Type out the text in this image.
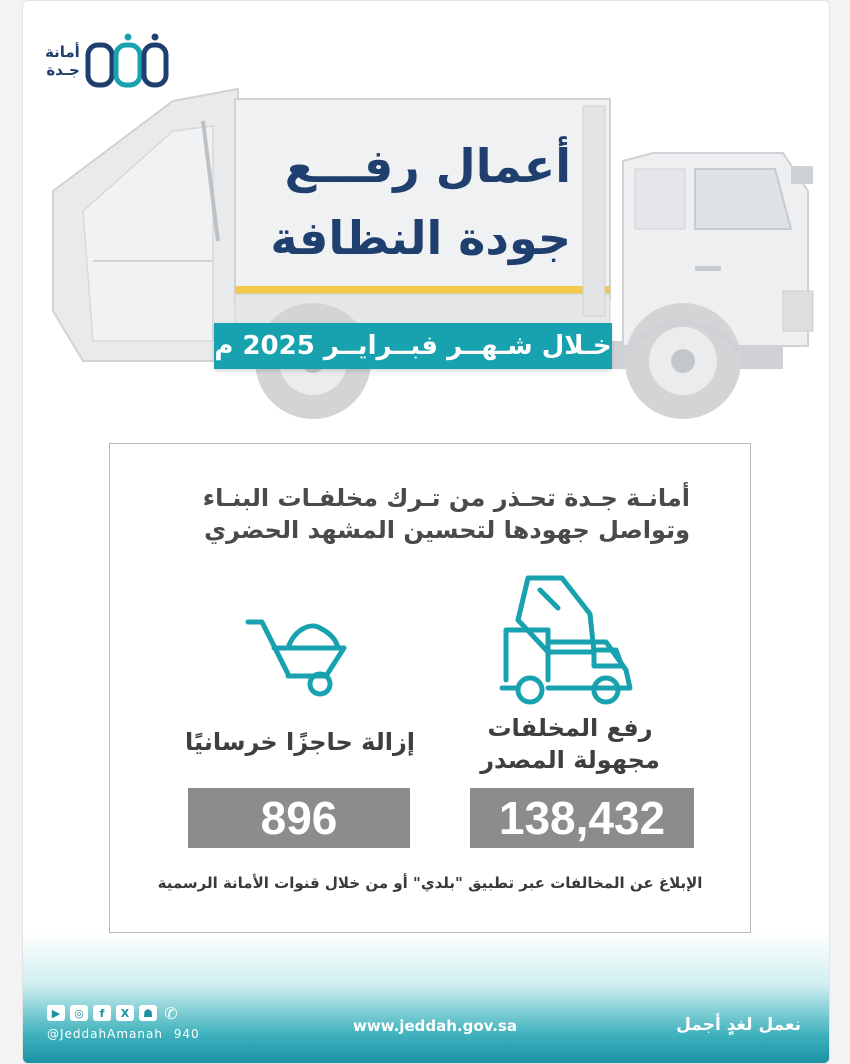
أمانة
جـدة
أعمال رفـــع
جودة النظافة
خـلال شـهــر فبــرايــر 2025 م
أمانـة جـدة تحـذر من تـرك مخلفـات البنـاء
وتواصل جهودها لتحسين المشهد الحضري
رفع المخلفات
مجهولة المصدر
138,432
إزالة حاجزًا خرسانيًا
896
الإبلاغ عن المخالفات عبر تطبيق "بلدي" أو من خلال قنوات الأمانة الرسمية
▶	◎	f	X	☗ ✆
@JeddahAmanah 940	www.jeddah.gov.sa	نعمل لغدٍ أجمل
